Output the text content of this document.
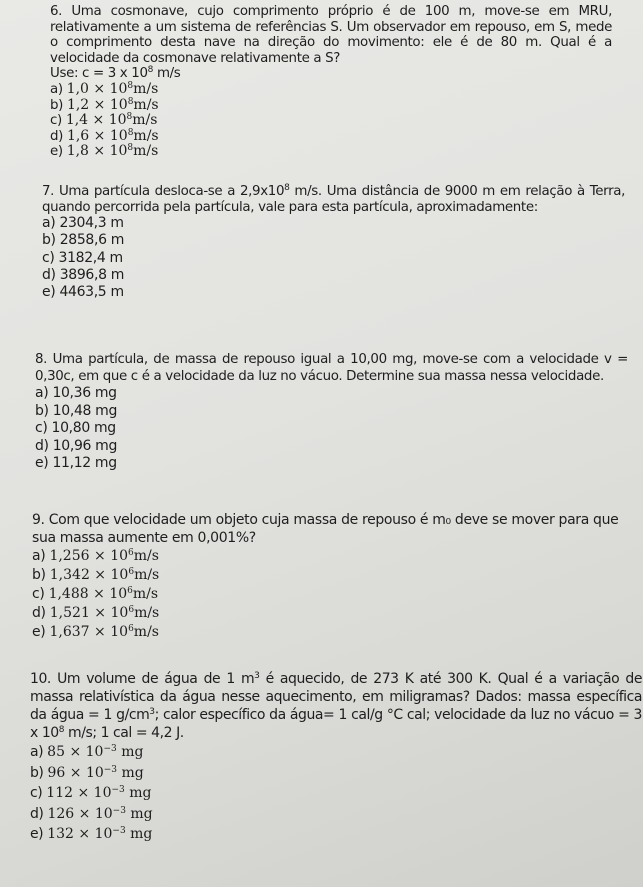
6. Uma cosmonave, cujo comprimento próprio é de 100 m, move-se em MRU, relativamente a um sistema de referências S. Um observador em repouso, em S, mede o comprimento desta nave na direção do movimento: ele é de 80 m. Qual é a velocidade da cosmonave relativamente a S?
Use: c = 3 x $10^8$ m/s
a) $1,0 \times 10^8m/s$
b) $1,2 \times 10^8m/s$
c) $1,4 \times 10^8m/s$
d) $1,6 \times 10^8m/s$
e) $1,8 \times 10^8m/s$
7. Uma partícula desloca-se a $2,9x10^8$ m/s. Uma distância de 9000 m em relação à Terra, quando percorrida pela partícula, vale para esta partícula, aproximadamente:
a) 2304,3 m
b) 2858,6 m
c) 3182,4 m
d) 3896,8 m
e) 4463,5 m
8. Uma partícula, de massa de repouso igual a 10,00 mg, move-se com a velocidade v = 0,30c, em que c é a velocidade da luz no vácuo. Determine sua massa nessa velocidade.
a) 10,36 mg
b) 10,48 mg
c) 10,80 mg
d) 10,96 mg
e) 11,12 mg
9. Com que velocidade um objeto cuja massa de repouso é m₀ deve se mover para que sua massa aumente em 0,001%?
a) $1,256 \times 10^6m/s$
b) $1,342 \times 10^6m/s$
c) $1,488 \times 10^6m/s$
d) $1,521 \times 10^6m/s$
e) $1,637 \times 10^6m/s$
10. Um volume de água de 1 $m^3$ é aquecido, de 273 K até 300 K. Qual é a variação de massa relativística da água nesse aquecimento, em miligramas? Dados: massa específica da água = 1 $g/cm^3$; calor específico da água= 1 cal/g °C cal; velocidade da luz no vácuo = 3 x $10^8$ m/s; 1 cal = 4,2 J.
a) $85 \times 10^{-3}$ mg
b) $96 \times 10^{-3}$ mg
c) $112 \times 10^{-3}$ mg
d) $126 \times 10^{-3}$ mg
e) $132 \times 10^{-3}$ mg
